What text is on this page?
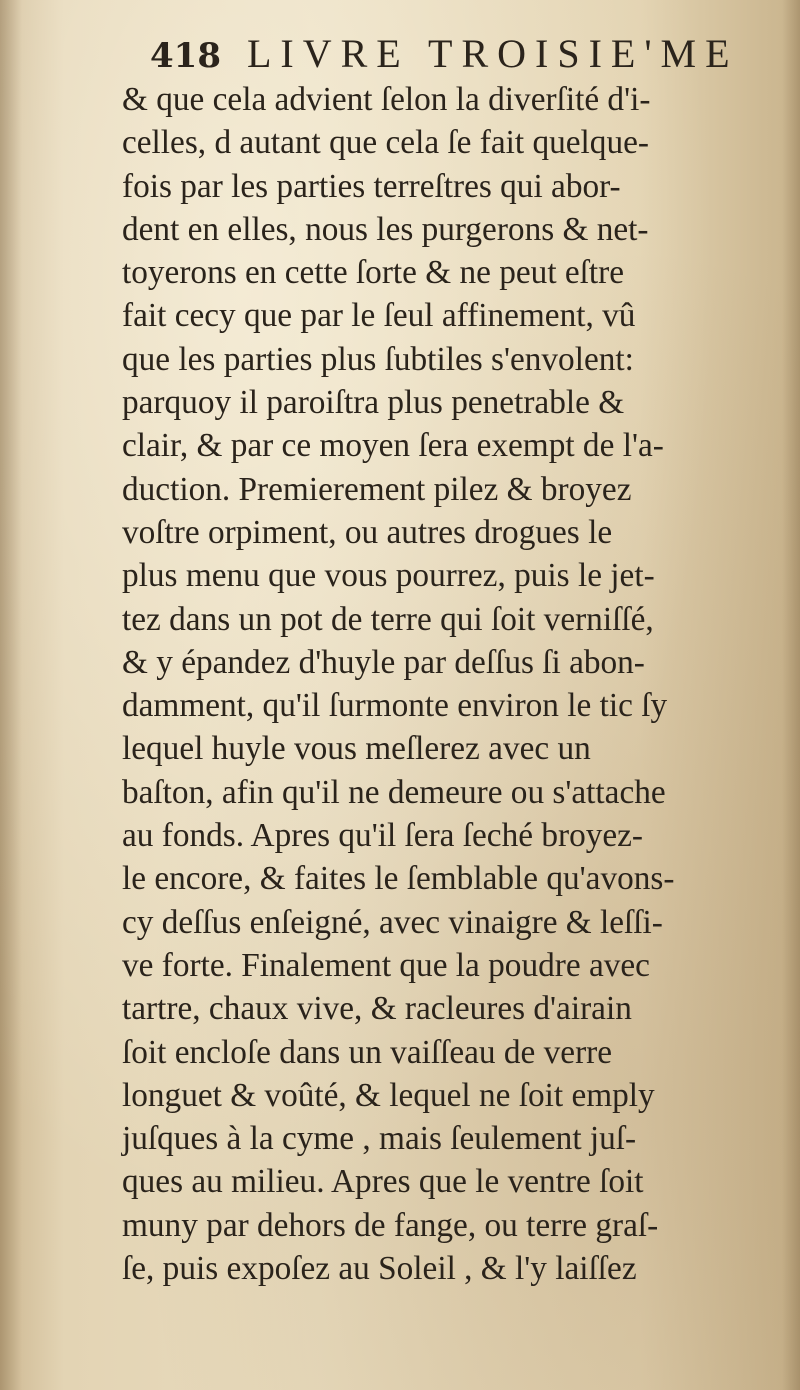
418 LIVRE TROISIE'ME
& que cela advient ſelon la diverſité d'i-
celles, d autant que cela ſe fait quelque-
fois par les parties terreſtres qui abor-
dent en elles, nous les purgerons & net-
toyerons en cette ſorte & ne peut eſtre
fait cecy que par le ſeul affinement, vû
que les parties plus ſubtiles s'envolent:
parquoy il paroiſtra plus penetrable &
clair, & par ce moyen ſera exempt de l'a-
duction. Premierement pilez & broyez
voſtre orpiment, ou autres drogues le
plus menu que vous pourrez, puis le jet-
tez dans un pot de terre qui ſoit verniſſé,
& y épandez d'huyle par deſſus ſi abon-
damment, qu'il ſurmonte environ le tic ſy
lequel huyle vous meſlerez avec un
baſton, afin qu'il ne demeure ou s'attache
au fonds. Apres qu'il ſera ſeché broyez-
le encore, & faites le ſemblable qu'avons-
cy deſſus enſeigné, avec vinaigre & leſſi-
ve forte. Finalement que la poudre avec
tartre, chaux vive, & racleures d'airain
ſoit encloſe dans un vaiſſeau de verre
longuet & voûté, & lequel ne ſoit emply
juſques à la cyme , mais ſeulement juſ-
ques au milieu. Apres que le ventre ſoit
muny par dehors de fange, ou terre graſ-
ſe, puis expoſez au Soleil , & l'y laiſſez
